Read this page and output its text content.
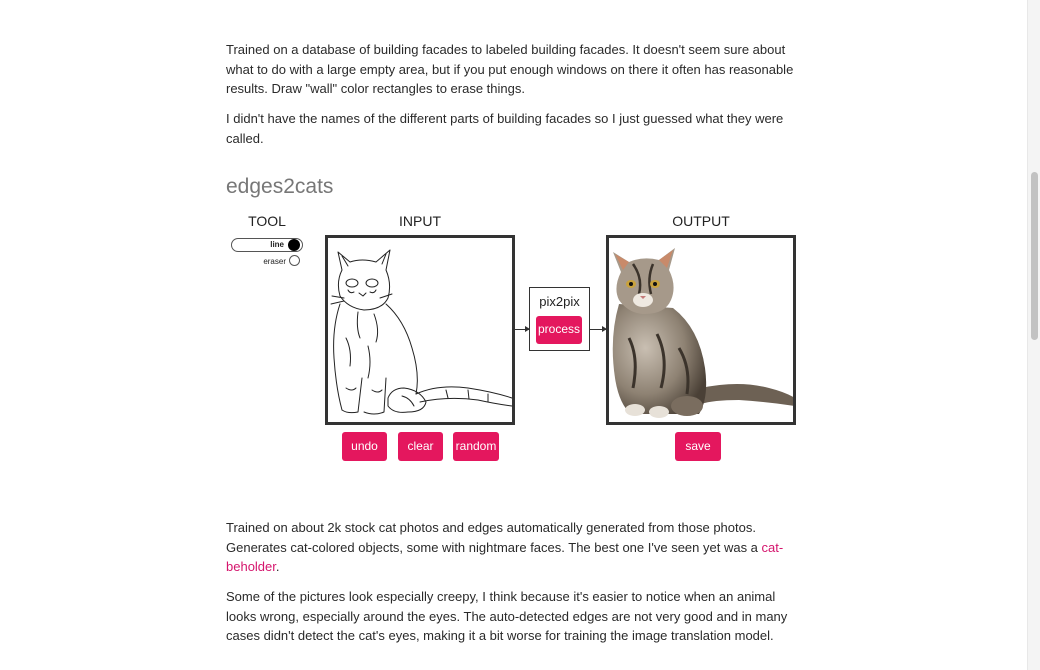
Trained on a database of building facades to labeled building facades. It doesn't seem sure about what to do with a large empty area, but if you put enough windows on there it often has reasonable results. Draw "wall" color rectangles to erase things.

I didn't have the names of the different parts of building facades so I just guessed what they were called.

edges2cats
TOOL	INPUT	OUTPUT
line
eraser
pix2pix
process
undo	clear	random	save

Trained on about 2k stock cat photos and edges automatically generated from those photos. Generates cat-colored objects, some with nightmare faces. The best one I've seen yet was a cat-beholder.

Some of the pictures look especially creepy, I think because it's easier to notice when an animal looks wrong, especially around the eyes. The auto-detected edges are not very good and in many cases didn't detect the cat's eyes, making it a bit worse for training the image translation model.
